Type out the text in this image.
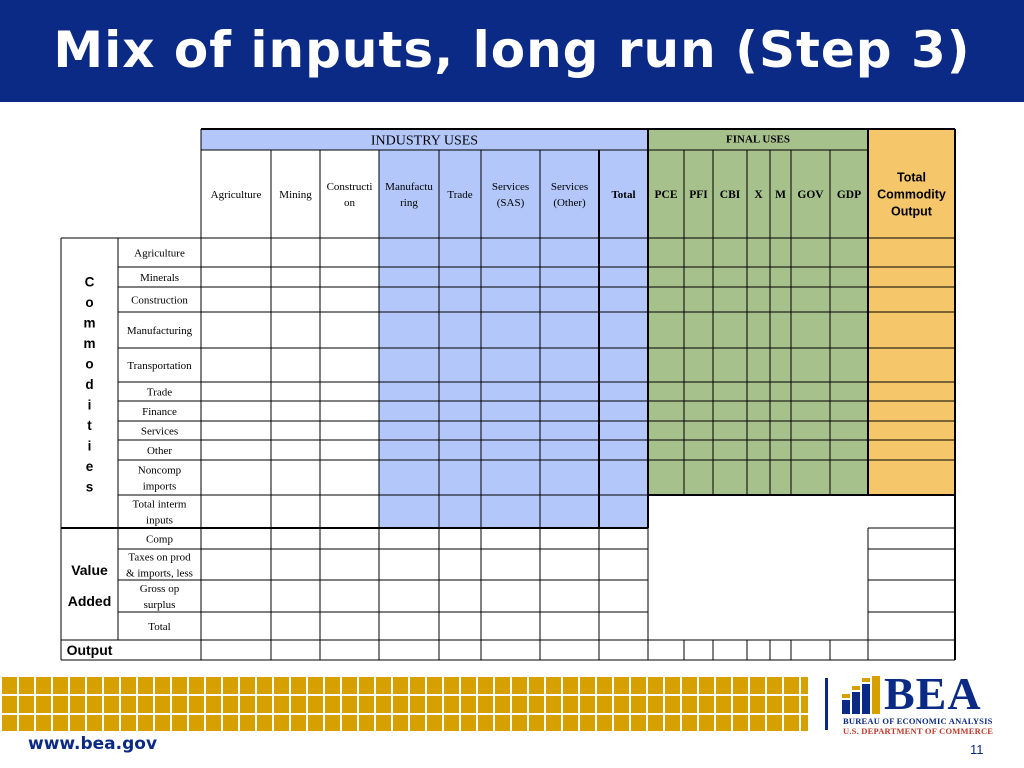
Mix of inputs, long run (Step 3)
INDUSTRY USES	FINAL USES
Total Commodity Output
Agriculture Mining
Constructi on
Manufactu ring
Trade
Services (SAS)
Services (Other)
Total PCE PFI CBI X M GOV GDP
Agriculture
Minerals
Construction
Manufacturing
Transportation
Trade
Finance
Services
Other
Noncomp imports
Total interm inputs
C
o
m
m
o
d
i
t
i
e
s
Comp
Taxes on prod & imports, less
Gross op surplus
Total
Value
Added
Output
BEA
BUREAU OF ECONOMIC ANALYSIS
U.S. DEPARTMENT OF COMMERCE
www.bea.gov	11
